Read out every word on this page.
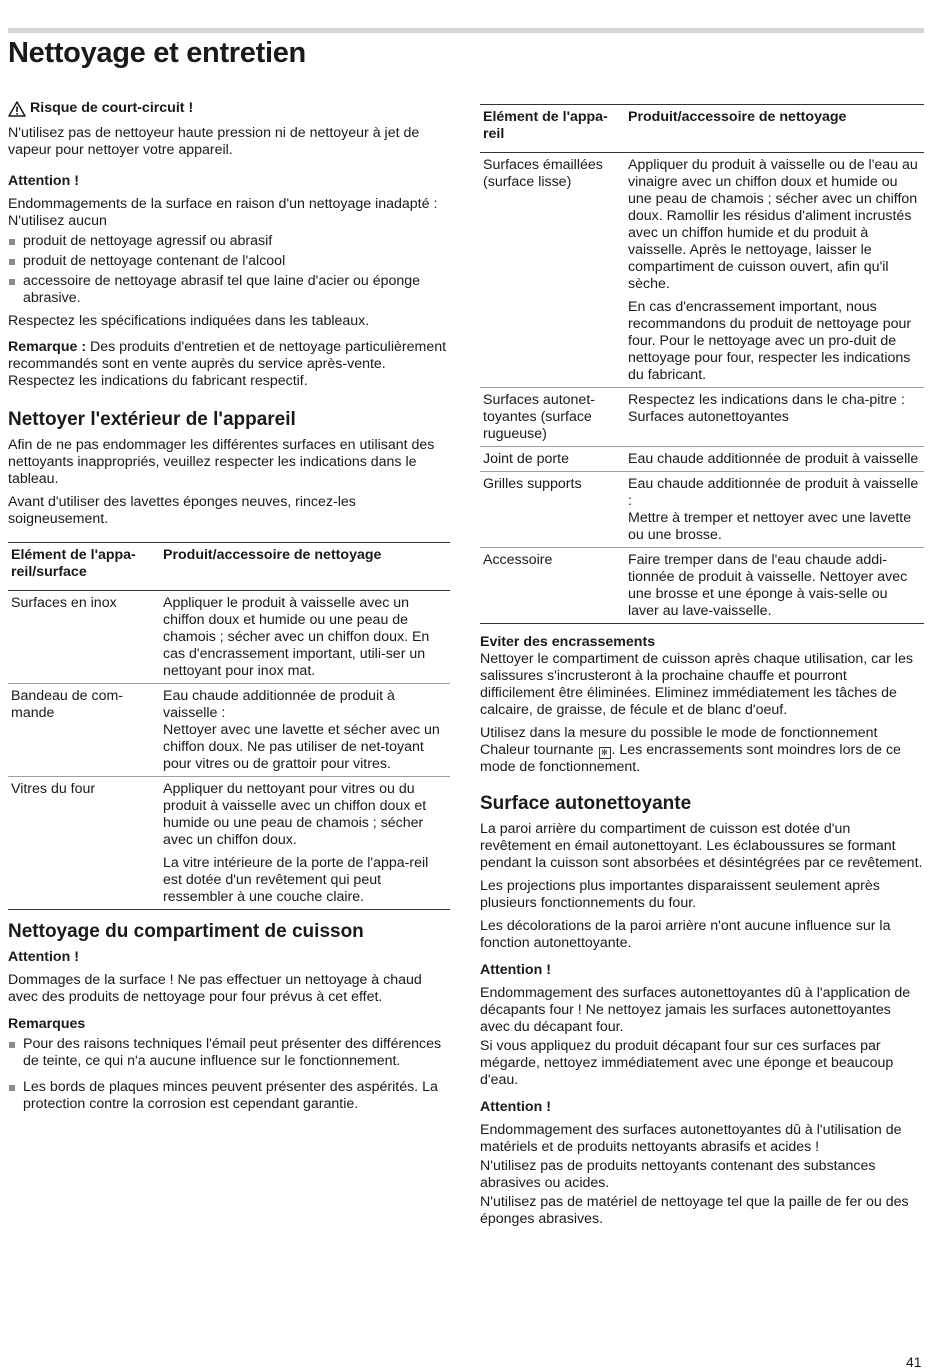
Nettoyage et entretien
Risque de court-circuit !

N'utilisez pas de nettoyeur haute pression ni de nettoyeur à jet de vapeur pour nettoyer votre appareil.

Attention !

Endommagements de la surface en raison d'un nettoyage inadapté : N'utilisez aucun

produit de nettoyage agressif ou abrasif
produit de nettoyage contenant de l'alcool
accessoire de nettoyage abrasif tel que laine d'acier ou éponge abrasive.

Respectez les spécifications indiquées dans les tableaux.

Remarque : Des produits d'entretien et de nettoyage particulièrement recommandés sont en vente auprès du service après-vente. Respectez les indications du fabricant respectif.

Nettoyer l'extérieur de l'appareil

Afin de ne pas endommager les différentes surfaces en utilisant des nettoyants inappropriés, veuillez respecter les indications dans le tableau.

Avant d'utiliser des lavettes éponges neuves, rincez-les soigneusement.

Elément de l'appa-reil/surface	Produit/accessoire de nettoyage
Surfaces en inox	Appliquer le produit à vaisselle avec un chiffon doux et humide ou une peau de chamois ; sécher avec un chiffon doux. En cas d'encrassement important, utili-ser un nettoyant pour inox mat.

Bandeau de com-mande	Eau chaude additionnée de produit à vaisselle :

Nettoyer avec une lavette et sécher avec un chiffon doux. Ne pas utiliser de net-toyant pour vitres ou de grattoir pour vitres.

Vitres du four	Appliquer du nettoyant pour vitres ou du produit à vaisselle avec un chiffon doux et humide ou une peau de chamois ; sécher avec un chiffon doux.

La vitre intérieure de la porte de l'appa-reil est dotée d'un revêtement qui peut ressembler à une couche claire.

Nettoyage du compartiment de cuisson

Attention !

Dommages de la surface ! Ne pas effectuer un nettoyage à chaud avec des produits de nettoyage pour four prévus à cet effet.

Remarques

Pour des raisons techniques l'émail peut présenter des différences de teinte, ce qui n'a aucune influence sur le fonctionnement.
Les bords de plaques minces peuvent présenter des aspérités. La protection contre la corrosion est cependant garantie.
Elément de l'appa-reil	Produit/accessoire de nettoyage
Surfaces émaillées (surface lisse)	Appliquer du produit à vaisselle ou de l'eau au vinaigre avec un chiffon doux et humide ou une peau de chamois ; sécher avec un chiffon doux. Ramollir les résidus d'aliment incrustés avec un chiffon humide et du produit à vaisselle. Après le nettoyage, laisser le compartiment de cuisson ouvert, afin qu'il sèche.

En cas d'encrassement important, nous recommandons du produit de nettoyage pour four. Pour le nettoyage avec un pro-duit de nettoyage pour four, respecter les indications du fabricant.

Surfaces autonet-toyantes (surface rugueuse)	Respectez les indications dans le cha-pitre : Surfaces autonettoyantes

Joint de porte	Eau chaude additionnée de produit à vaisselle

Grilles supports	Eau chaude additionnée de produit à vaisselle :
Mettre à tremper et nettoyer avec une lavette ou une brosse.

Accessoire	Faire tremper dans de l'eau chaude addi-tionnée de produit à vaisselle. Nettoyer avec une brosse et une éponge à vais-selle ou laver au lave-vaisselle.

Eviter des encrassements

Nettoyer le compartiment de cuisson après chaque utilisation, car les salissures s'incrusteront à la prochaine chauffe et pourront difficilement être éliminées. Eliminez immédiatement les tâches de calcaire, de graisse, de fécule et de blanc d'oeuf.

Utilisez dans la mesure du possible le mode de fonctionnement Chaleur tournante ✻ . Les encrassements sont moindres lors de ce mode de fonctionnement.

Surface autonettoyante

La paroi arrière du compartiment de cuisson est dotée d'un revêtement en émail autonettoyant. Les éclaboussures se formant pendant la cuisson sont absorbées et désintégrées par ce revêtement.

Les projections plus importantes disparaissent seulement après plusieurs fonctionnements du four.

Les décolorations de la paroi arrière n'ont aucune influence sur la fonction autonettoyante.

Attention !

Endommagement des surfaces autonettoyantes dû à l'application de décapants four ! Ne nettoyez jamais les surfaces autonettoyantes avec du décapant four.

Si vous appliquez du produit décapant four sur ces surfaces par mégarde, nettoyez immédiatement avec une éponge et beaucoup d'eau.

Attention !

Endommagement des surfaces autonettoyantes dû à l'utilisation de matériels et de produits nettoyants abrasifs et acides !

N'utilisez pas de produits nettoyants contenant des substances abrasives ou acides.

N'utilisez pas de matériel de nettoyage tel que la paille de fer ou des éponges abrasives.

41
